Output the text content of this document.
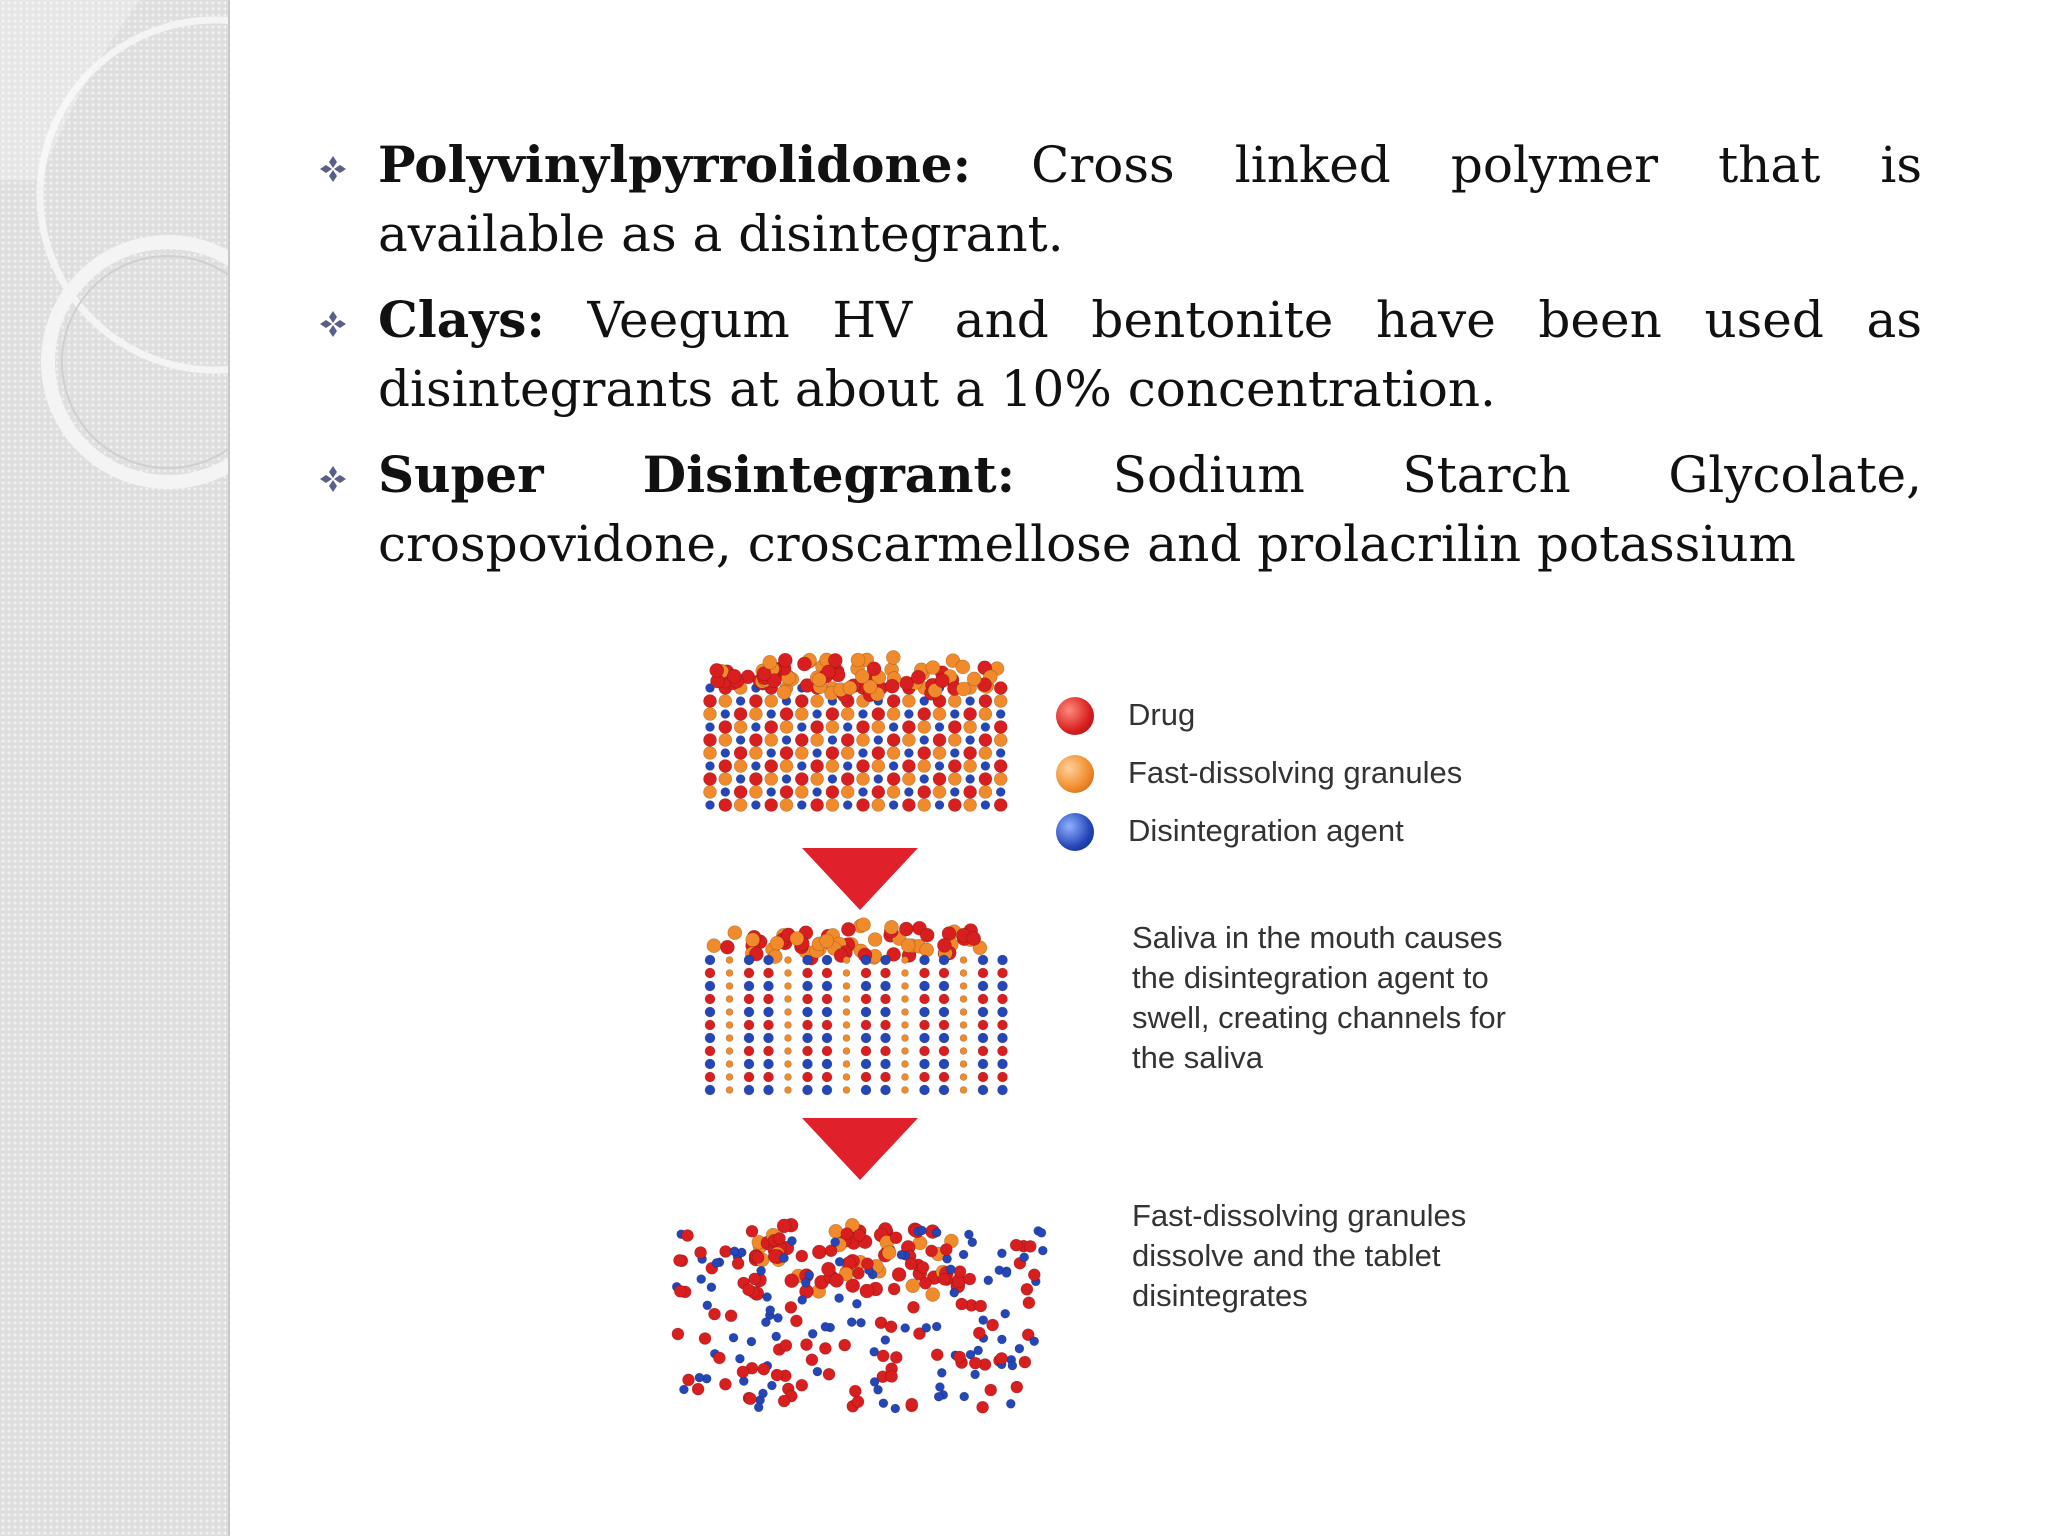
Polyvinylpyrrolidone: Cross linked polymer that is available as a disintegrant.
Clays: Veegum HV and bentonite have been used as disintegrants at about a 10% concentration.
Super Disintegrant: Sodium Starch Glycolate, crospovidone, croscarmellose and prolacrilin potassium
Drug
Fast-dissolving granules
Disintegration agent
Saliva in the mouth causes the disintegration agent to swell, creating channels for the saliva
Fast-dissolving granules dissolve and the tablet disintegrates
